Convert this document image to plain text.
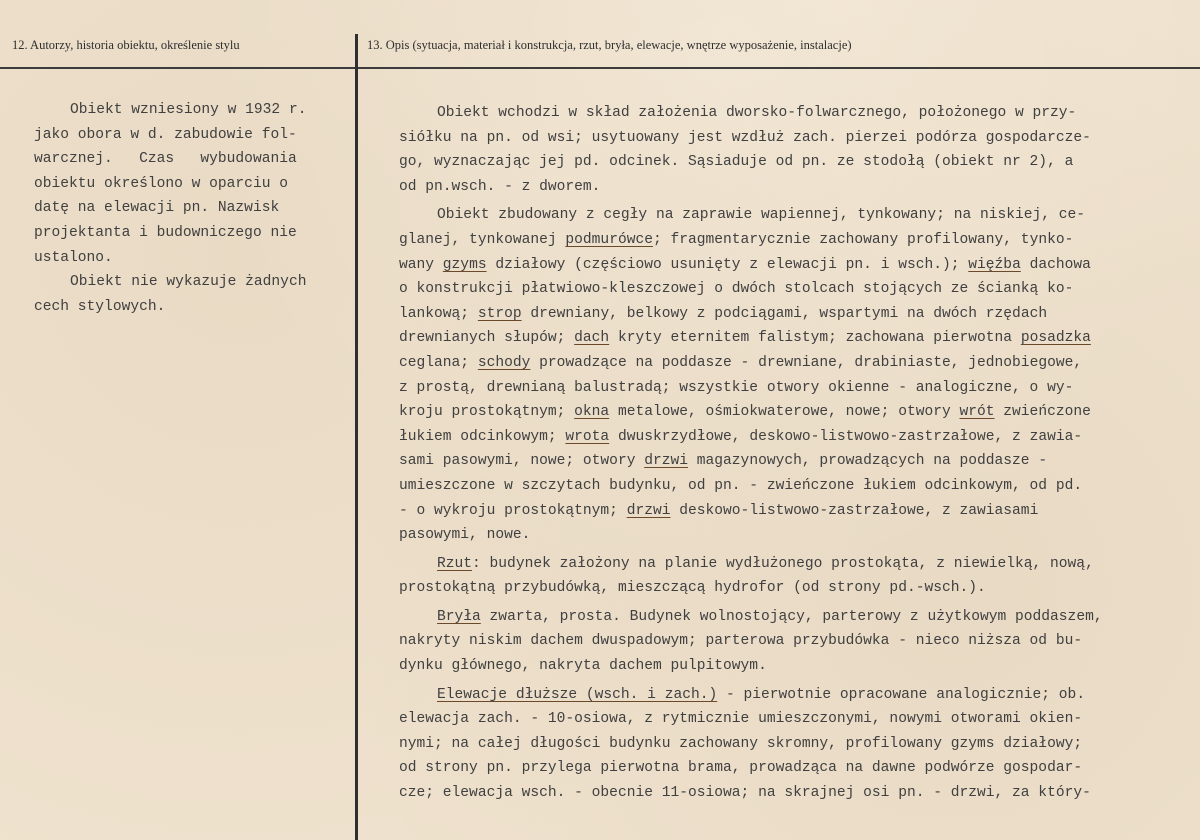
12. Autorzy, historia obiektu, określenie stylu	13. Opis (sytuacja, materiał i konstrukcja, rzut, bryła, elewacje, wnętrze wyposażenie, instalacje)
Obiekt wzniesiony w 1932 r.
jako obora w d. zabudowie fol-
warcznej.   Czas   wybudowania
obiektu określono w oparciu o
datę na elewacji pn. Nazwisk
projektanta i budowniczego nie
ustalono.
Obiekt nie wykazuje żadnych
cech stylowych.
Obiekt wchodzi w skład założenia dworsko-folwarcznego, położonego w przy-
siółku na pn. od wsi; usytuowany jest wzdłuż zach. pierzei podórza gospodarcze-
go, wyznaczając jej pd. odcinek. Sąsiaduje od pn. ze stodołą (obiekt nr 2), a
od pn.wsch. - z dworem.
Obiekt zbudowany z cegły na zaprawie wapiennej, tynkowany; na niskiej, ce-
glanej, tynkowanej podmurówce; fragmentarycznie zachowany profilowany, tynko-
wany gzyms działowy (częściowo usunięty z elewacji pn. i wsch.); więźba dachowa
o konstrukcji płatwiowo-kleszczowej o dwóch stolcach stojących ze ścianką ko-
lankową; strop drewniany, belkowy z podciągami, wspartymi na dwóch rzędach
drewnianych słupów; dach kryty eternitem falistym; zachowana pierwotna posadzka
ceglana; schody prowadzące na poddasze - drewniane, drabiniaste, jednobiegowe,
z prostą, drewnianą balustradą; wszystkie otwory okienne - analogiczne, o wy-
kroju prostokątnym; okna metalowe, ośmiokwaterowe, nowe; otwory wrót zwieńczone
łukiem odcinkowym; wrota dwuskrzydłowe, deskowo-listwowo-zastrzałowe, z zawia-
sami pasowymi, nowe; otwory drzwi magazynowych, prowadzących na poddasze -
umieszczone w szczytach budynku, od pn. - zwieńczone łukiem odcinkowym, od pd.
- o wykroju prostokątnym; drzwi deskowo-listwowo-zastrzałowe, z zawiasami
pasowymi, nowe.
Rzut: budynek założony na planie wydłużonego prostokąta, z niewielką, nową,
prostokątną przybudówką, mieszczącą hydrofor (od strony pd.-wsch.).
Bryła zwarta, prosta. Budynek wolnostojący, parterowy z użytkowym poddaszem,
nakryty niskim dachem dwuspadowym; parterowa przybudówka - nieco niższa od bu-
dynku głównego, nakryta dachem pulpitowym.
Elewacje dłuższe (wsch. i zach.) - pierwotnie opracowane analogicznie; ob.
elewacja zach. - 10-osiowa, z rytmicznie umieszczonymi, nowymi otworami okien-
nymi; na całej długości budynku zachowany skromny, profilowany gzyms działowy;
od strony pn. przylega pierwotna brama, prowadząca na dawne podwórze gospodar-
cze; elewacja wsch. - obecnie 11-osiowa; na skrajnej osi pn. - drzwi, za który-
